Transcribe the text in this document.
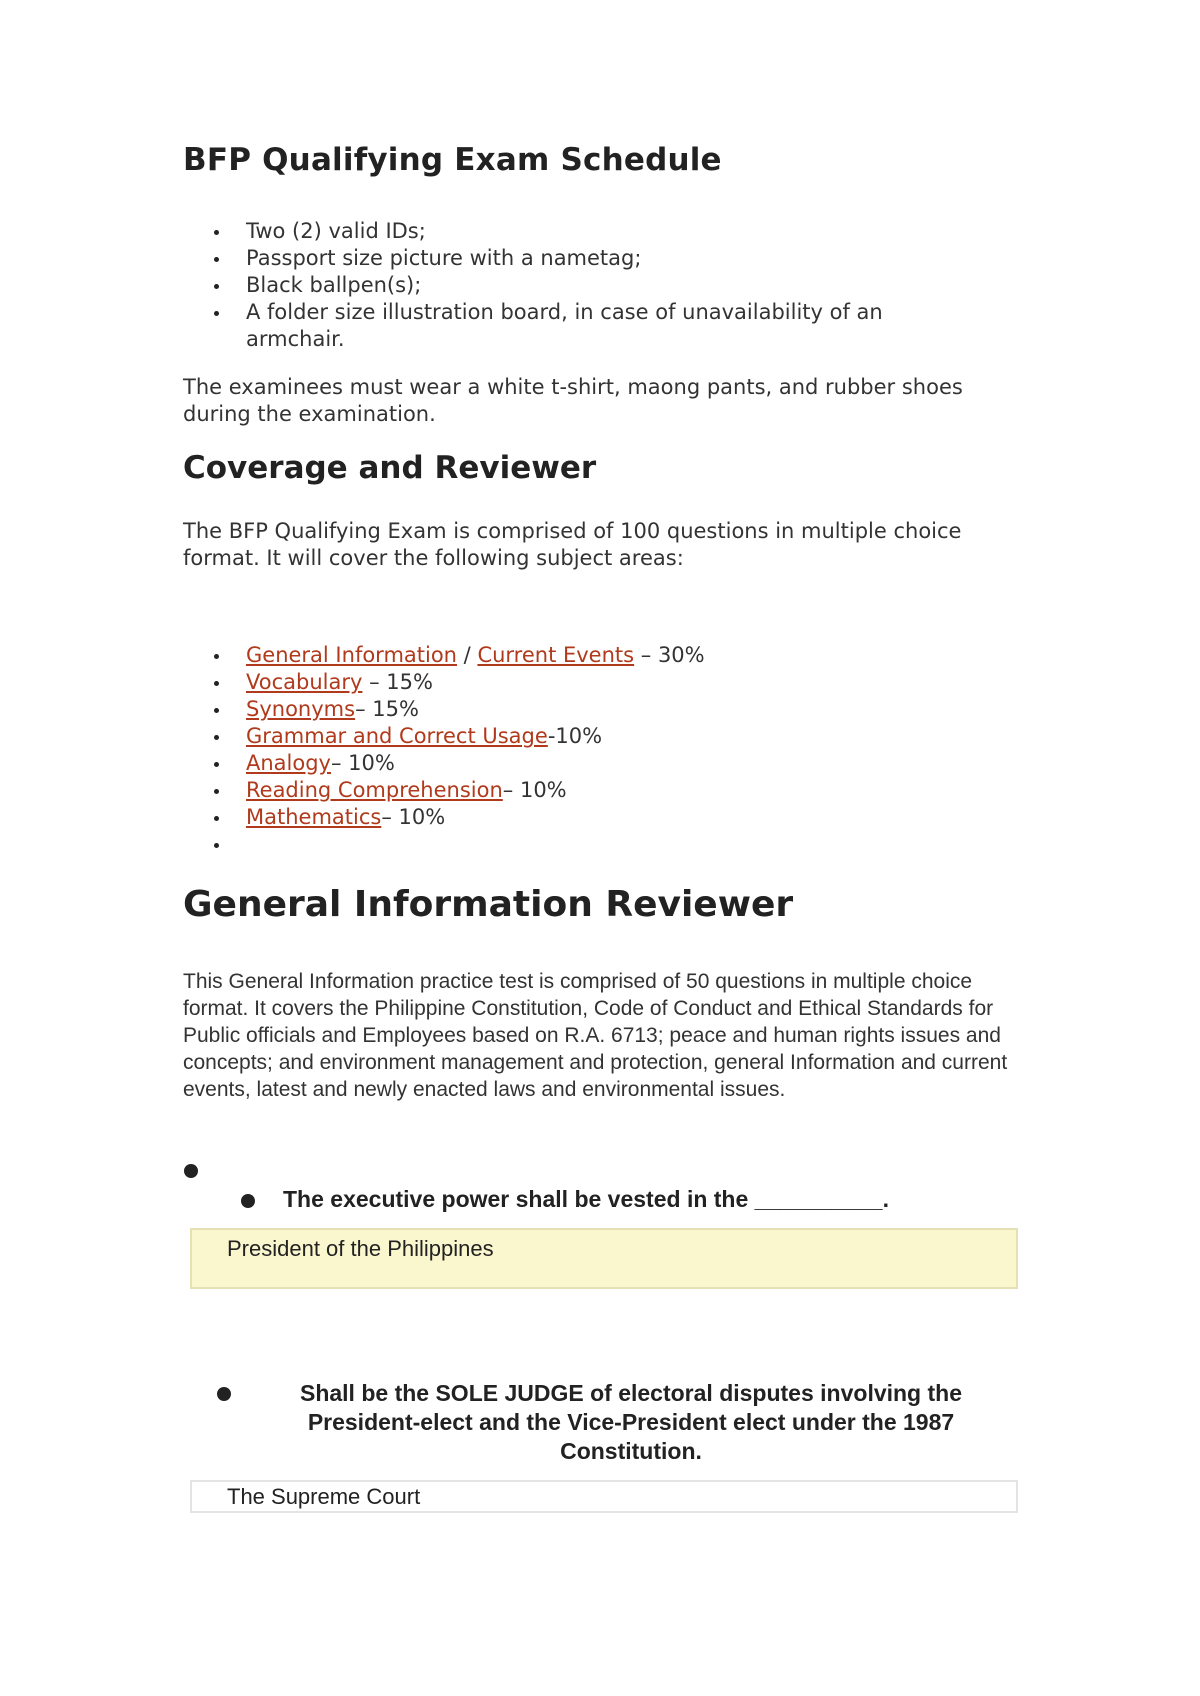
BFP Qualifying Exam Schedule
Two (2) valid IDs;
Passport size picture with a nametag;
Black ballpen(s);
A folder size illustration board, in case of unavailability of an armchair.

The examinees must wear a white t-shirt, maong pants, and rubber shoes during the examination.

Coverage and Reviewer

The BFP Qualifying Exam is comprised of 100 questions in multiple choice format. It will cover the following subject areas:

General Information / Current Events – 30%
Vocabulary – 15%
Synonyms– 15%
Grammar and Correct Usage-10%
Analogy– 10%
Reading Comprehension– 10%
Mathematics– 10%

General Information Reviewer

This General Information practice test is comprised of 50 questions in multiple choice format. It covers the Philippine Constitution, Code of Conduct and Ethical Standards for Public officials and Employees based on R.A. 6713; peace and human rights issues and concepts; and environment management and protection, general Information and current events, latest and newly enacted laws and environmental issues.

The executive power shall be vested in the __________.

President of the Philippines

Shall be the SOLE JUDGE of electoral disputes involving the President-elect and the Vice-President elect under the 1987 Constitution.

The Supreme Court
